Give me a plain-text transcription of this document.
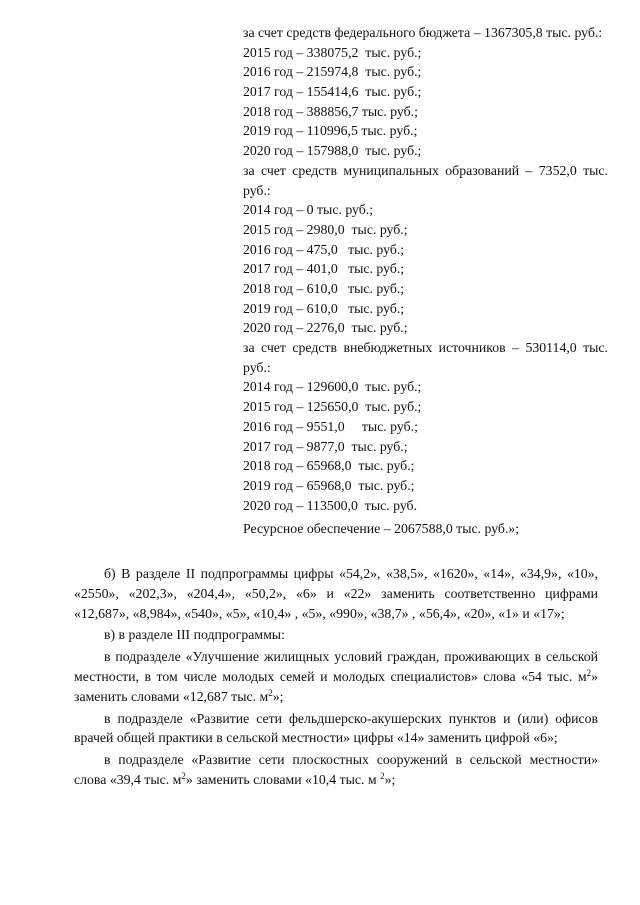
за счет средств федерального бюджета – 1367305,8 тыс. руб.:
2015 год – 338075,2  тыс. руб.;
2016 год – 215974,8  тыс. руб.;
2017 год – 155414,6  тыс. руб.;
2018 год – 388856,7 тыс. руб.;
2019 год – 110996,5 тыс. руб.;
2020 год – 157988,0  тыс. руб.;
за счет средств муниципальных образований – 7352,0 тыс. руб.:
2014 год – 0 тыс. руб.;
2015 год – 2980,0  тыс. руб.;
2016 год – 475,0   тыс. руб.;
2017 год – 401,0   тыс. руб.;
2018 год – 610,0   тыс. руб.;
2019 год – 610,0   тыс. руб.;
2020 год – 2276,0  тыс. руб.;
за счет средств внебюджетных источников – 530114,0 тыс. руб.:
2014 год – 129600,0  тыс. руб.;
2015 год – 125650,0  тыс. руб.;
2016 год – 9551,0     тыс. руб.;
2017 год – 9877,0  тыс. руб.;
2018 год – 65968,0  тыс. руб.;
2019 год – 65968,0  тыс. руб.;
2020 год – 113500,0  тыс. руб.
Ресурсное обеспечение – 2067588,0 тыс. руб.»;

б) В разделе II подпрограммы цифры «54,2», «38,5», «1620», «14», «34,9», «10», «2550», «202,3», «204,4», «50,2», «6» и «22» заменить соответственно цифрами «12,687», «8,984», «540», «5», «10,4» , «5», «990», «38,7» , «56,4», «20», «1» и «17»;

в) в разделе III подпрограммы:

в подразделе «Улучшение жилищных условий граждан, проживающих в сельской местности, в том числе молодых семей и молодых специалистов» слова «54 тыс. $м^2$» заменить словами «12,687 тыс. $м^2$»;

в подразделе «Развитие сети фельдшерско-акушерских пунктов и (или) офисов врачей общей практики в сельской местности» цифры «14» заменить цифрой «6»;

в подразделе «Развитие сети плоскостных сооружений в сельской местности» слова «39,4 тыс. $м^2$» заменить словами «10,4 тыс. м $^2$»;
